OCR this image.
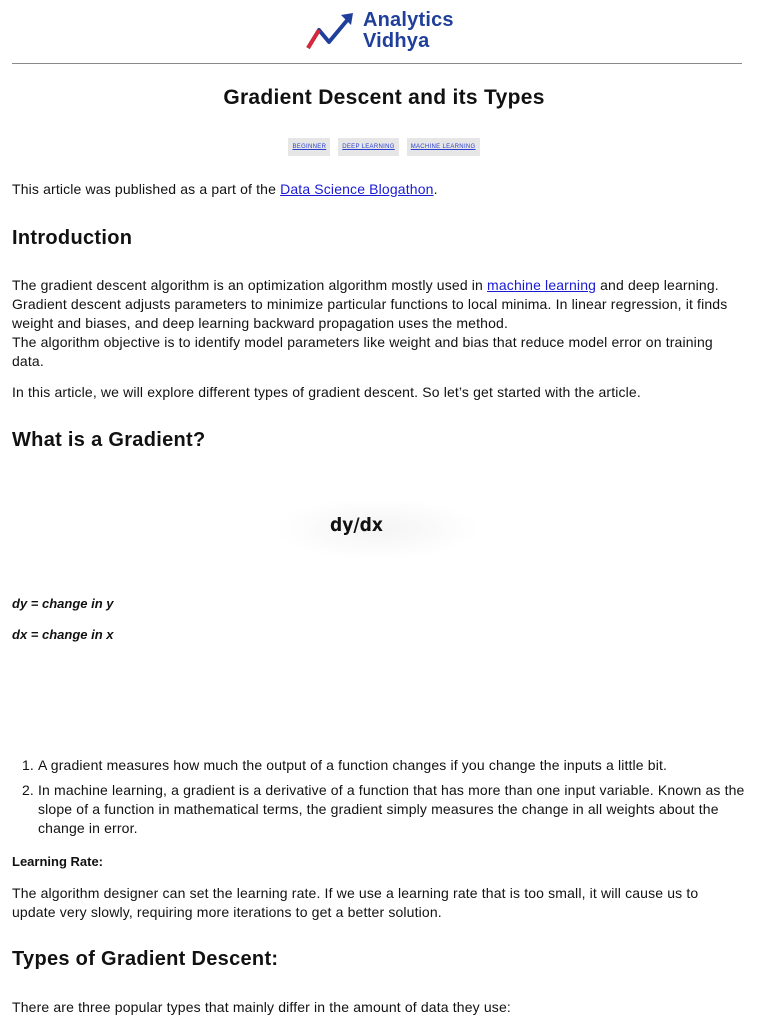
Analytics
Vidhya
Gradient Descent and its Types
BEGINNER	DEEP LEARNING	MACHINE LEARNING

This article was published as a part of the Data Science Blogathon.

Introduction

The gradient descent algorithm is an optimization algorithm mostly used in machine learning and deep learning. Gradient descent adjusts parameters to minimize particular functions to local minima. In linear regression, it finds weight and biases, and deep learning backward propagation uses the method.
The algorithm objective is to identify model parameters like weight and bias that reduce model error on training data.

In this article, we will explore different types of gradient descent. So let’s get started with the article.

What is a Gradient?
dy/dx

dy = change in y

dx = change in x

1. A gradient measures how much the output of a function changes if you change the inputs a little bit.
2. In machine learning, a gradient is a derivative of a function that has more than one input variable. Known as the slope of a function in mathematical terms, the gradient simply measures the change in all weights about the change in error.

Learning Rate:

The algorithm designer can set the learning rate. If we use a learning rate that is too small, it will cause us to update very slowly, requiring more iterations to get a better solution.

Types of Gradient Descent:

There are three popular types that mainly differ in the amount of data they use:
